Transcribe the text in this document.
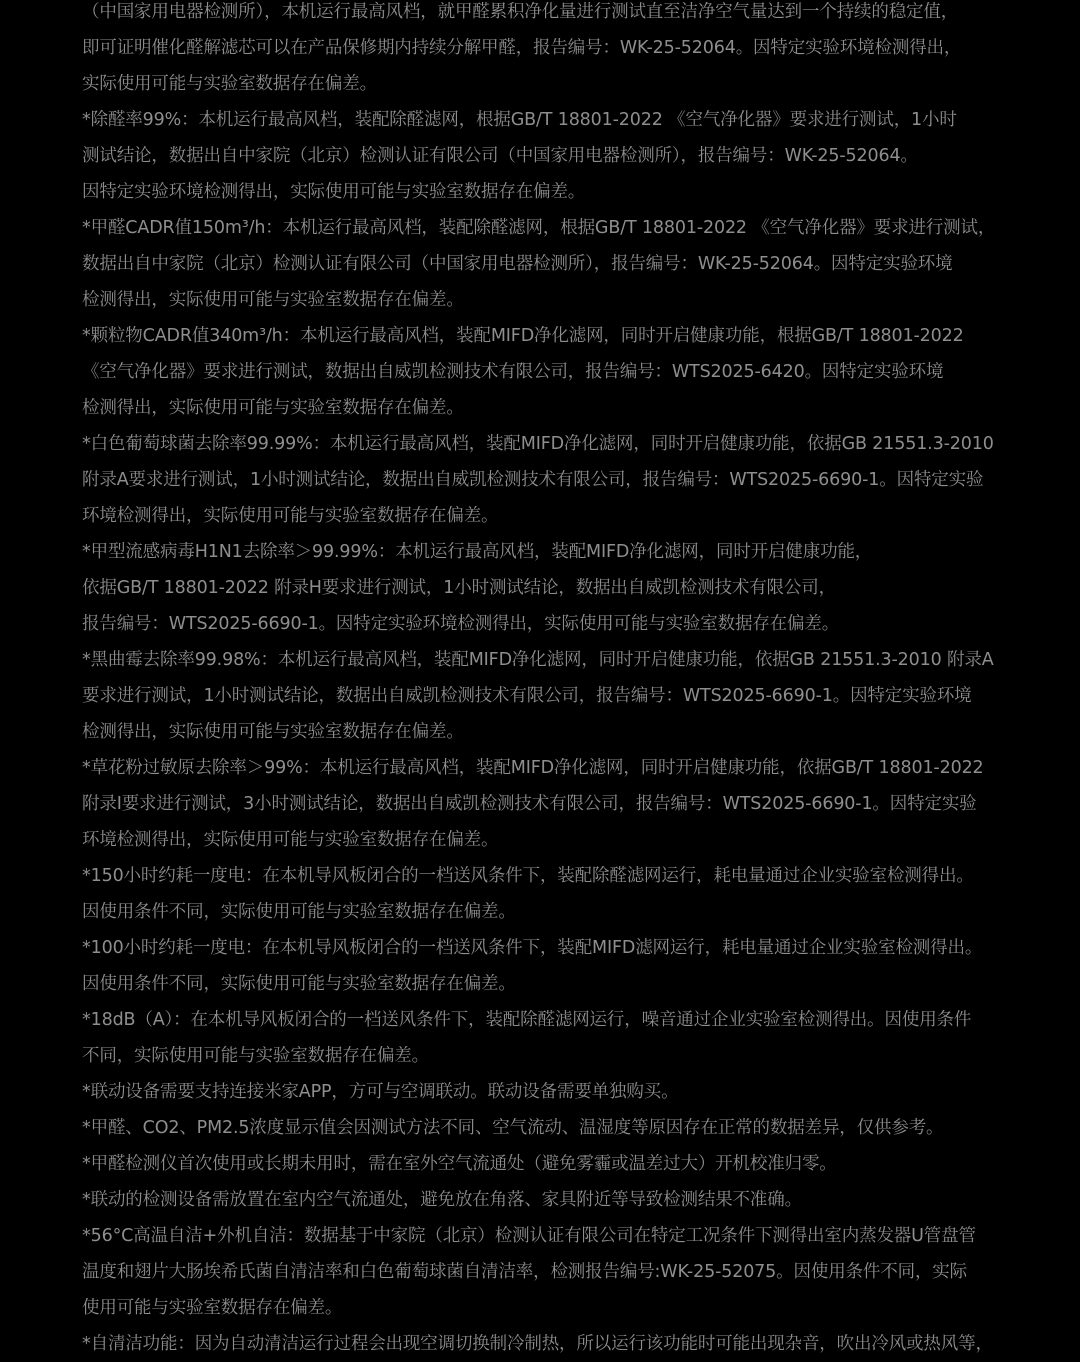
（中国家用电器检测所），本机运行最高风档，就甲醛累积净化量进行测试直至洁净空气量达到一个持续的稳定值，
即可证明催化醛解滤芯可以在产品保修期内持续分解甲醛，报告编号：WK-25-52064。因特定实验环境检测得出，
实际使用可能与实验室数据存在偏差。
*除醛率99%：本机运行最高风档，装配除醛滤网，根据GB/T 18801-2022 《空气净化器》要求进行测试，1小时
测试结论，数据出自中家院（北京）检测认证有限公司（中国家用电器检测所），报告编号：WK-25-52064。
因特定实验环境检测得出，实际使用可能与实验室数据存在偏差。
*甲醛CADR值150m³/h：本机运行最高风档，装配除醛滤网，根据GB/T 18801-2022 《空气净化器》要求进行测试，
数据出自中家院（北京）检测认证有限公司（中国家用电器检测所），报告编号：WK-25-52064。因特定实验环境
检测得出，实际使用可能与实验室数据存在偏差。
*颗粒物CADR值340m³/h：本机运行最高风档，装配MIFD净化滤网，同时开启健康功能，根据GB/T 18801-2022
《空气净化器》要求进行测试，数据出自威凯检测技术有限公司，报告编号：WTS2025-6420。因特定实验环境
检测得出，实际使用可能与实验室数据存在偏差。
*白色葡萄球菌去除率99.99%：本机运行最高风档，装配MIFD净化滤网，同时开启健康功能，依据GB 21551.3-2010
附录A要求进行测试，1小时测试结论，数据出自威凯检测技术有限公司，报告编号：WTS2025-6690-1。因特定实验
环境检测得出，实际使用可能与实验室数据存在偏差。
*甲型流感病毒H1N1去除率＞99.99%：本机运行最高风档，装配MIFD净化滤网，同时开启健康功能，
依据GB/T 18801-2022 附录H要求进行测试，1小时测试结论，数据出自威凯检测技术有限公司，
报告编号：WTS2025-6690-1。因特定实验环境检测得出，实际使用可能与实验室数据存在偏差。
*黑曲霉去除率99.98%：本机运行最高风档，装配MIFD净化滤网，同时开启健康功能，依据GB 21551.3-2010 附录A
要求进行测试，1小时测试结论，数据出自威凯检测技术有限公司，报告编号：WTS2025-6690-1。因特定实验环境
检测得出，实际使用可能与实验室数据存在偏差。
*草花粉过敏原去除率＞99%：本机运行最高风档，装配MIFD净化滤网，同时开启健康功能，依据GB/T 18801-2022
附录I要求进行测试，3小时测试结论，数据出自威凯检测技术有限公司，报告编号：WTS2025-6690-1。因特定实验
环境检测得出，实际使用可能与实验室数据存在偏差。
*150小时约耗一度电：在本机导风板闭合的一档送风条件下，装配除醛滤网运行，耗电量通过企业实验室检测得出。
因使用条件不同，实际使用可能与实验室数据存在偏差。
*100小时约耗一度电：在本机导风板闭合的一档送风条件下，装配MIFD滤网运行，耗电量通过企业实验室检测得出。
因使用条件不同，实际使用可能与实验室数据存在偏差。
*18dB（A）：在本机导风板闭合的一档送风条件下，装配除醛滤网运行，噪音通过企业实验室检测得出。因使用条件
不同，实际使用可能与实验室数据存在偏差。
*联动设备需要支持连接米家APP，方可与空调联动。联动设备需要单独购买。
*甲醛、CO2、PM2.5浓度显示值会因测试方法不同、空气流动、温湿度等原因存在正常的数据差异，仅供参考。
*甲醛检测仪首次使用或长期未用时，需在室外空气流通处（避免雾霾或温差过大）开机校准归零。
*联动的检测设备需放置在室内空气流通处，避免放在角落、家具附近等导致检测结果不准确。
*56°C高温自洁+外机自洁：数据基于中家院（北京）检测认证有限公司在特定工况条件下测得出室内蒸发器U管盘管
温度和翅片大肠埃希氏菌自清洁率和白色葡萄球菌自清洁率，检测报告编号:WK-25-52075。因使用条件不同，实际
使用可能与实验室数据存在偏差。
*自清洁功能：因为自动清洁运行过程会出现空调切换制冷制热，所以运行该功能时可能出现杂音，吹出冷风或热风等，
